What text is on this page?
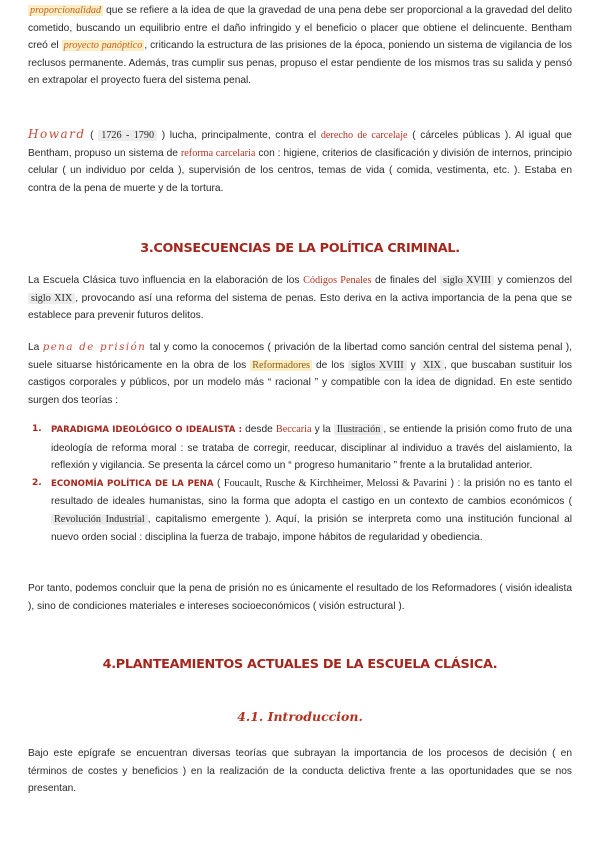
proporcionalidad que se refiere a la idea de que la gravedad de una pena debe ser proporcional a la gravedad del delito cometido, buscando un equilibrio entre el daño infringido y el beneficio o placer que obtiene el delincuente. Bentham creó el proyecto panóptico , criticando la estructura de las prisiones de la época, poniendo un sistema de vigilancia de los reclusos permanente. Además, tras cumplir sus penas, propuso el estar pendiente de los mismos tras su salida y pensó en extrapolar el proyecto fuera del sistema penal.

Howard ( 1726 - 1790 ) lucha, principalmente, contra el derecho de carcelaje ( cárceles públicas ). Al igual que Bentham, propuso un sistema de reforma carcelaria con : higiene, criterios de clasificación y división de internos, principio celular ( un individuo por celda ), supervisión de los centros, temas de vida ( comida, vestimenta, etc. ). Estaba en contra de la pena de muerte y de la tortura.

3.CONSECUENCIAS DE LA POLÍTICA CRIMINAL.

La Escuela Clásica tuvo influencia en la elaboración de los Códigos Penales de finales del siglo XVIII y comienzos del siglo XIX , provocando así una reforma del sistema de penas. Esto deriva en la activa importancia de la pena que se establece para prevenir futuros delitos.

La pena de prisión tal y como la conocemos ( privación de la libertad como sanción central del sistema penal ), suele situarse históricamente en la obra de los Reformadores de los siglos XVIII y XIX , que buscaban sustituir los castigos corporales y públicos, por un modelo más “ racional ” y compatible con la idea de dignidad. En este sentido surgen dos teorías :

1. PARADIGMA IDEOLÓGICO O IDEALISTA : desde Beccaria y la Ilustración , se entiende la prisión como fruto de una ideología de reforma moral : se trataba de corregir, reeducar, disciplinar al individuo a través del aislamiento, la reflexión y vigilancia. Se presenta la cárcel como un “ progreso humanitario ” frente a la brutalidad anterior.
2. ECONOMÍA POLÍTICA DE LA PENA ( Foucault, Rusche & Kirchheimer, Melossi & Pavarini ) : la prisión no es tanto el resultado de ideales humanistas, sino la forma que adopta el castigo en un contexto de cambios económicos ( Revolución Industrial , capitalismo emergente ). Aquí, la prisión se interpreta como una institución funcional al nuevo orden social : disciplina la fuerza de trabajo, impone hábitos de regularidad y obediencia.

Por tanto, podemos concluir que la pena de prisión no es únicamente el resultado de los Reformadores ( visión idealista ), sino de condiciones materiales e intereses socioeconómicos ( visión estructural ).

4.PLANTEAMIENTOS ACTUALES DE LA ESCUELA CLÁSICA.
4.1. Introduccion.

Bajo este epígrafe se encuentran diversas teorías que subrayan la importancia de los procesos de decisión ( en términos de costes y beneficios ) en la realización de la conducta delictiva frente a las oportunidades que se nos presentan.
